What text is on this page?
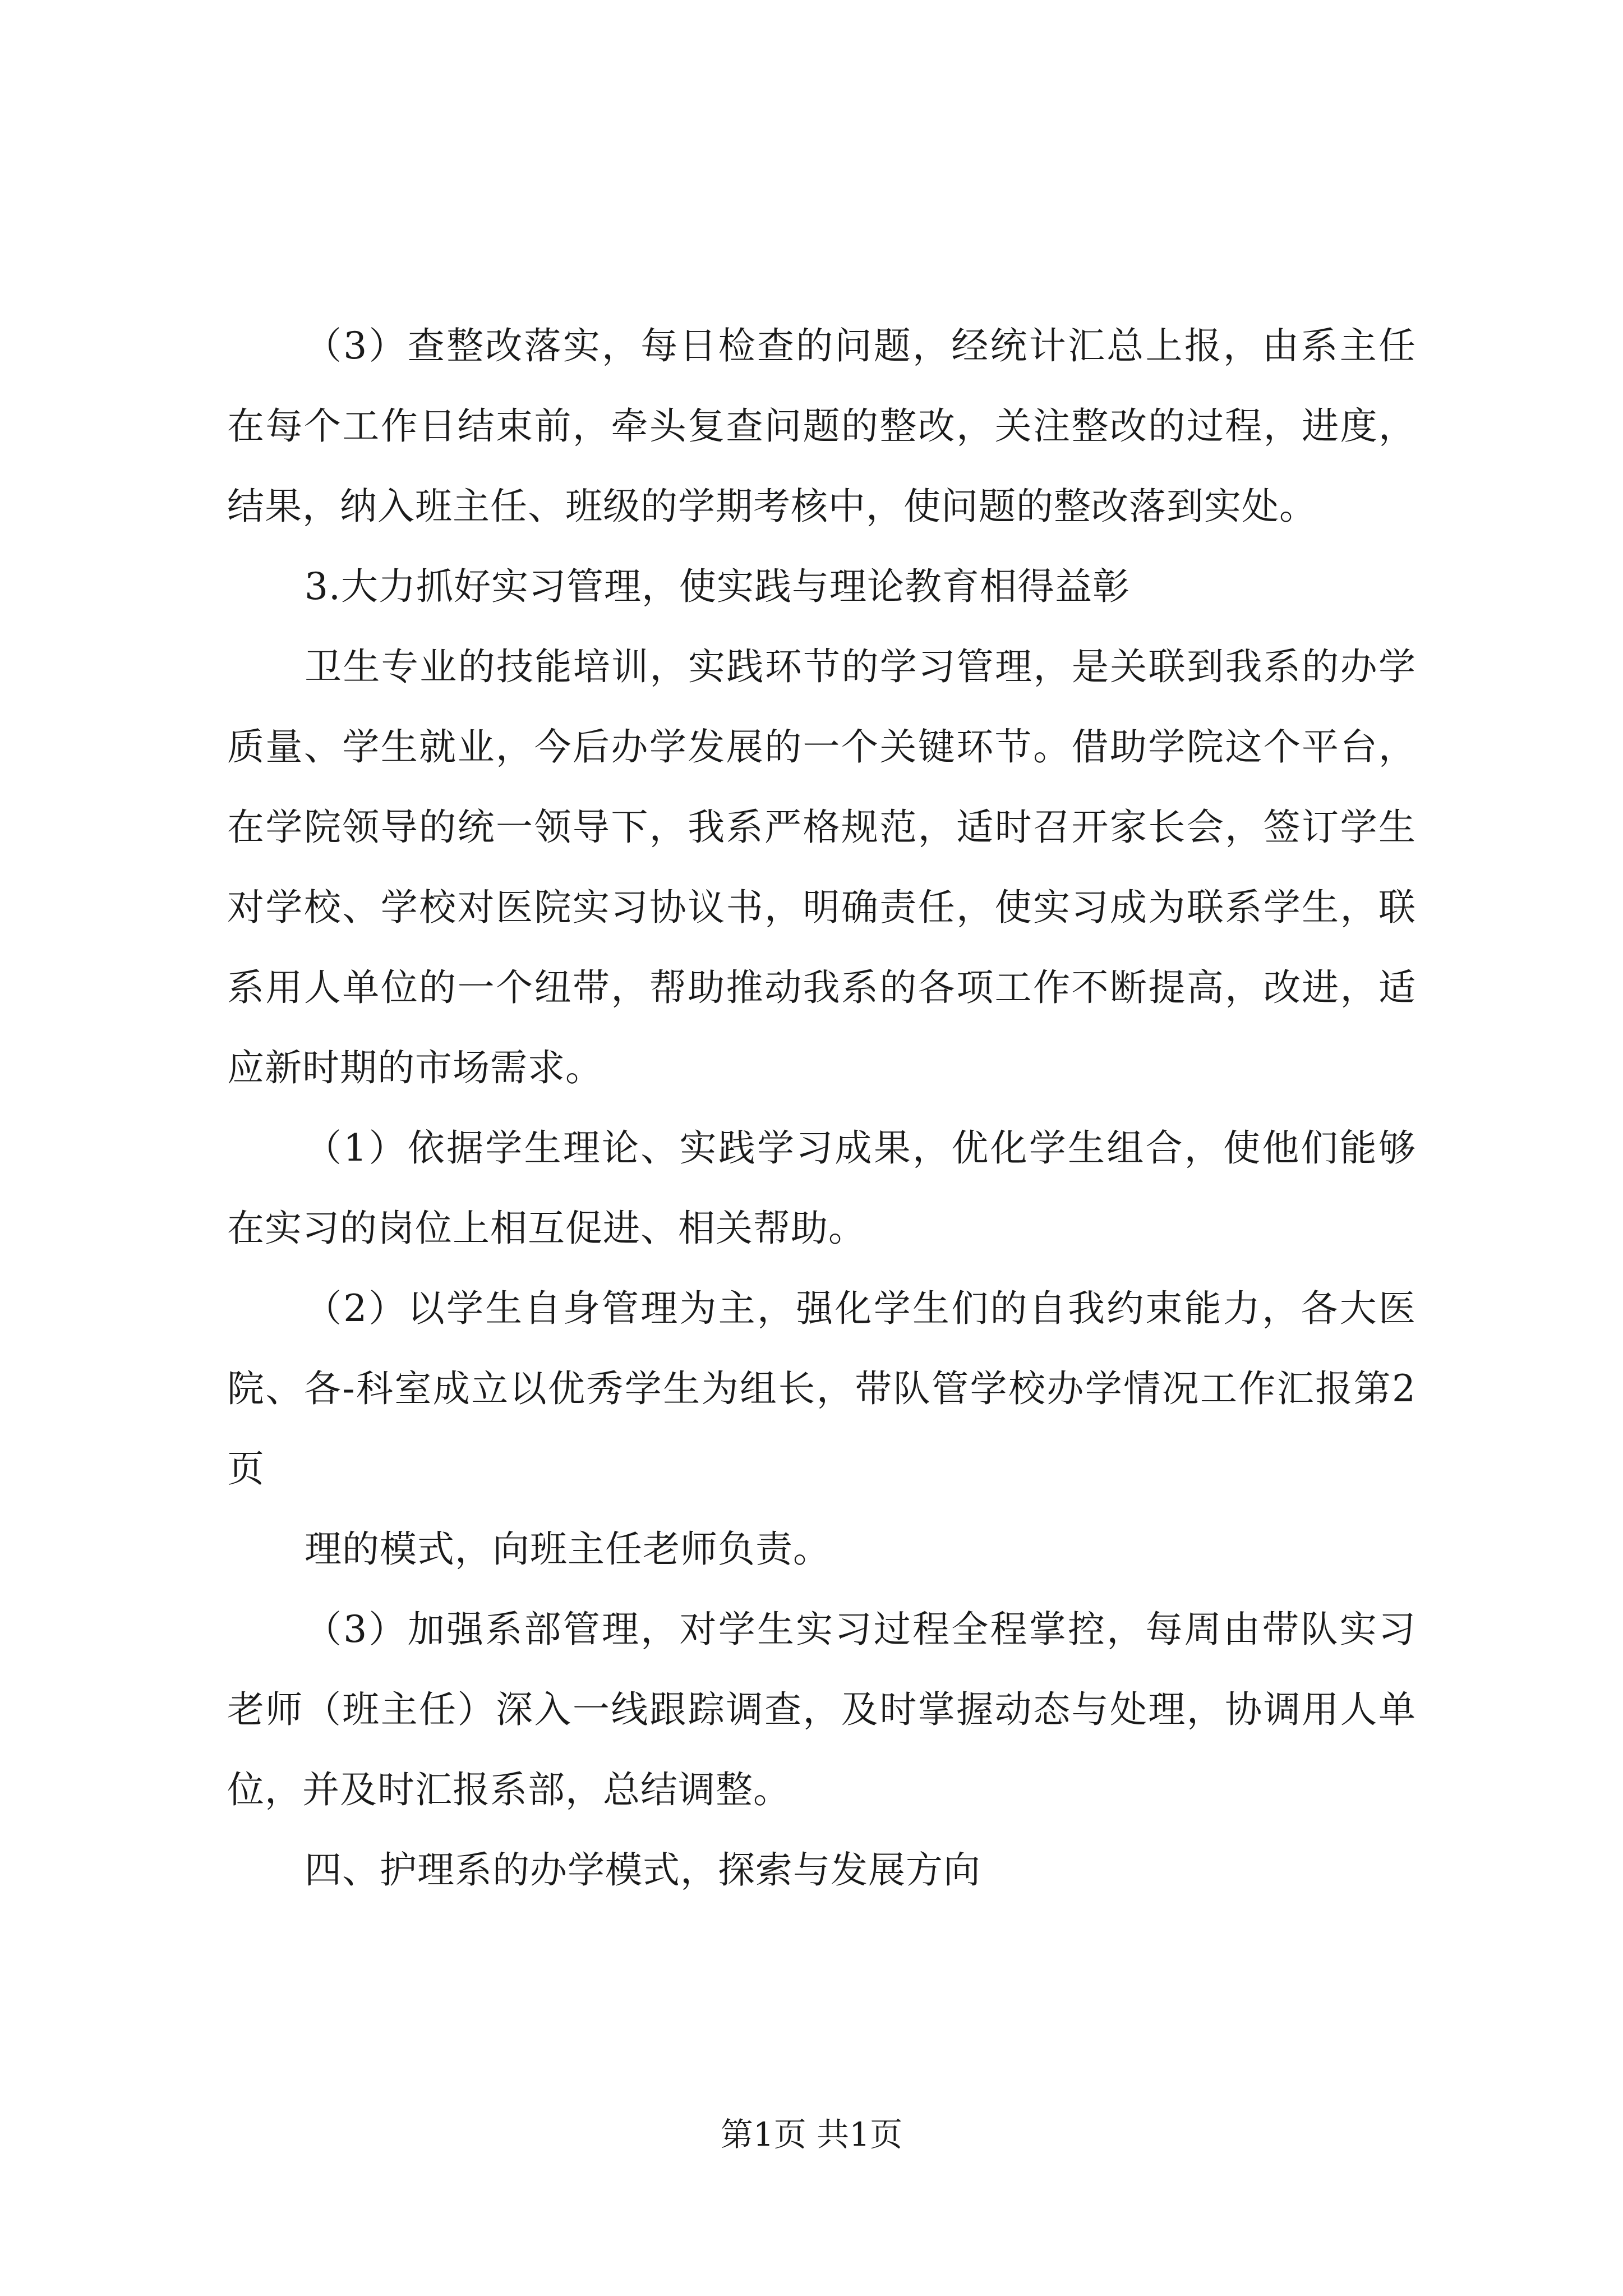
（3）查整改落实，每日检查的问题，经统计汇总上报，由系主任在每个工作日结束前，牵头复查问题的整改，关注整改的过程，进度，结果，纳入班主任、班级的学期考核中，使问题的整改落到实处。

3.大力抓好实习管理，使实践与理论教育相得益彰

卫生专业的技能培训，实践环节的学习管理，是关联到我系的办学质量、学生就业，今后办学发展的一个关键环节。借助学院这个平台，在学院领导的统一领导下，我系严格规范，适时召开家长会，签订学生对学校、学校对医院实习协议书，明确责任，使实习成为联系学生，联系用人单位的一个纽带，帮助推动我系的各项工作不断提高，改进，适应新时期的市场需求。

（1）依据学生理论、实践学习成果，优化学生组合，使他们能够在实习的岗位上相互促进、相关帮助。

（2）以学生自身管理为主，强化学生们的自我约束能力，各大医院、各-科室成立以优秀学生为组长，带队管学校办学情况工作汇报第2页

理的模式，向班主任老师负责。

（3）加强系部管理，对学生实习过程全程掌控，每周由带队实习老师（班主任）深入一线跟踪调查，及时掌握动态与处理，协调用人单位，并及时汇报系部，总结调整。

四、护理系的办学模式，探索与发展方向

第1页 共1页
